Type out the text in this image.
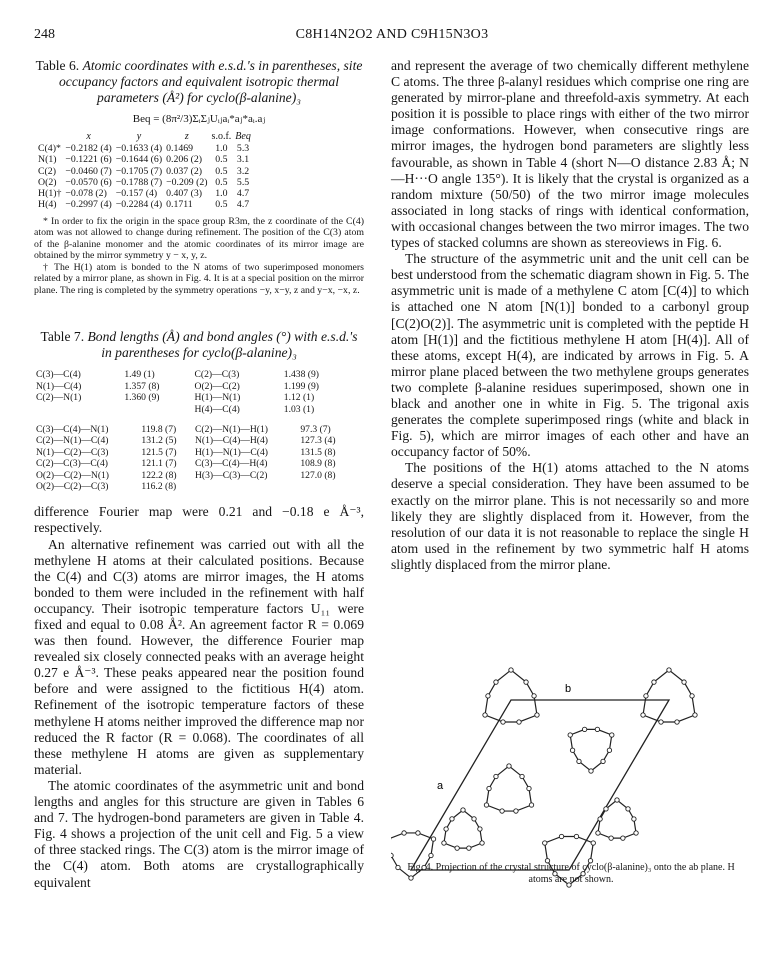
248	C8H14N2O2 AND C9H15N3O3
Table 6. Atomic coordinates with e.s.d.'s in parentheses, site occupancy factors and equivalent isotropic thermal parameters (Å²) for cyclo(β-alanine)₃
Beq = (8π²/3)ΣᵢΣⱼUᵢⱼaᵢ*aⱼ*aᵢ.aⱼ
	x	y	z	s.o.f.	Beq
C(4)*	−0.2182 (4)	−0.1633 (4)	0.1469	1.0	5.3
N(1)	−0.1221 (6)	−0.1644 (6)	0.206 (2)	0.5	3.1
C(2)	−0.0460 (7)	−0.1705 (7)	0.037 (2)	0.5	3.2
O(2)	−0.0570 (6)	−0.1788 (7)	−0.209 (2)	0.5	5.5
H(1)†	−0.078 (2)	−0.157 (4)	0.407 (3)	1.0	4.7
H(4)	−0.2997 (4)	−0.2284 (4)	0.1711	0.5	4.7

* In order to fix the origin in the space group R3m, the z coordinate of the C(4) atom was not allowed to change during refinement. The position of the C(3) atom of the β-alanine monomer and the atomic coordinates of its mirror image are obtained by the mirror symmetry y − x, y, z.

† The H(1) atom is bonded to the N atoms of two superimposed monomers related by a mirror plane, as shown in Fig. 4. It is at a special position on the mirror plane. The ring is completed by the symmetry operations −y, x−y, z and y−x, −x, z.

Table 7. Bond lengths (Å) and bond angles (°) with e.s.d.'s in parentheses for cyclo(β-alanine)₃
C(3)—C(4)	1.49 (1)	C(2)—C(3)	1.438 (9)
N(1)—C(4)	1.357 (8)	O(2)—C(2)	1.199 (9)
C(2)—N(1)	1.360 (9)	H(1)—N(1)	1.12 (1)
		H(4)—C(4)	1.03 (1)
C(3)—C(4)—N(1)	119.8 (7)	C(2)—N(1)—H(1)	97.3 (7)
C(2)—N(1)—C(4)	131.2 (5)	N(1)—C(4)—H(4)	127.3 (4)
N(1)—C(2)—C(3)	121.5 (7)	H(1)—N(1)—C(4)	131.5 (8)
C(2)—C(3)—C(4)	121.1 (7)	C(3)—C(4)—H(4)	108.9 (8)
O(2)—C(2)—N(1)	122.2 (8)	H(3)—C(3)—C(2)	127.0 (8)
O(2)—C(2)—C(3)	116.2 (8)		

difference Fourier map were 0.21 and −0.18 e Å⁻³, respectively.

An alternative refinement was carried out with all the methylene H atoms at their calculated positions. Because the C(4) and C(3) atoms are mirror images, the H atoms bonded to them were included in the refinement with half occupancy. Their isotropic temperature factors U₁₁ were fixed and equal to 0.08 Å². An agreement factor R = 0.069 was then found. However, the difference Fourier map revealed six closely connected peaks with an average height 0.27 e Å⁻³. These peaks appeared near the position found before and were assigned to the fictitious H(4) atom. Refinement of the isotropic temperature factors of these methylene H atoms neither improved the difference map nor reduced the R factor (R = 0.068). The coordinates of all these methylene H atoms are given as supplementary material.

The atomic coordinates of the asymmetric unit and bond lengths and angles for this structure are given in Tables 6 and 7. The hydrogen-bond parameters are given in Table 4. Fig. 4 shows a projection of the unit cell and Fig. 5 a view of three stacked rings. The C(3) atom is the mirror image of the C(4) atom. Both atoms are crystallographically equivalent

and represent the average of two chemically different methylene C atoms. The three β-alanyl residues which comprise one ring are generated by mirror-plane and threefold-axis symmetry. At each position it is possible to place rings with either of the two mirror image conformations. However, when consecutive rings are mirror images, the hydrogen bond parameters are slightly less favourable, as shown in Table 4 (short N—O distance 2.83 Å; N—H···O angle 135°). It is likely that the crystal is organized as a random mixture (50/50) of the two mirror image molecules associated in long stacks of rings with identical conformation, with occasional changes between the two mirror images. The two types of stacked columns are shown as stereoviews in Fig. 6.

The structure of the asymmetric unit and the unit cell can be best understood from the schematic diagram shown in Fig. 5. The asymmetric unit is made of a methylene C atom [C(4)] to which is attached one N atom [N(1)] bonded to a carbonyl group [C(2)O(2)]. The asymmetric unit is completed with the peptide H atom [H(1)] and the fictitious methylene H atom [H(4)]. All of these atoms, except H(4), are indicated by arrows in Fig. 5. A mirror plane placed between the two methylene groups generates two complete β-alanine residues superimposed, shown one in black and another one in white in Fig. 5. The trigonal axis generates the complete superimposed rings (white and black in Fig. 5), which are mirror images of each other and have an occupancy factor of 50%.

The positions of the H(1) atoms attached to the N atoms deserve a special consideration. They have been assumed to be exactly on the mirror plane. This is not necessarily so and more likely they are slightly displaced from it. However, from the resolution of our data it is not reasonable to replace the single H atom used in the refinement by two symmetric half H atoms slightly displaced from the mirror plane.

a
b
Fig. 4. Projection of the crystal structure of cyclo(β-alanine)₃ onto the ab plane. H atoms are not shown.
